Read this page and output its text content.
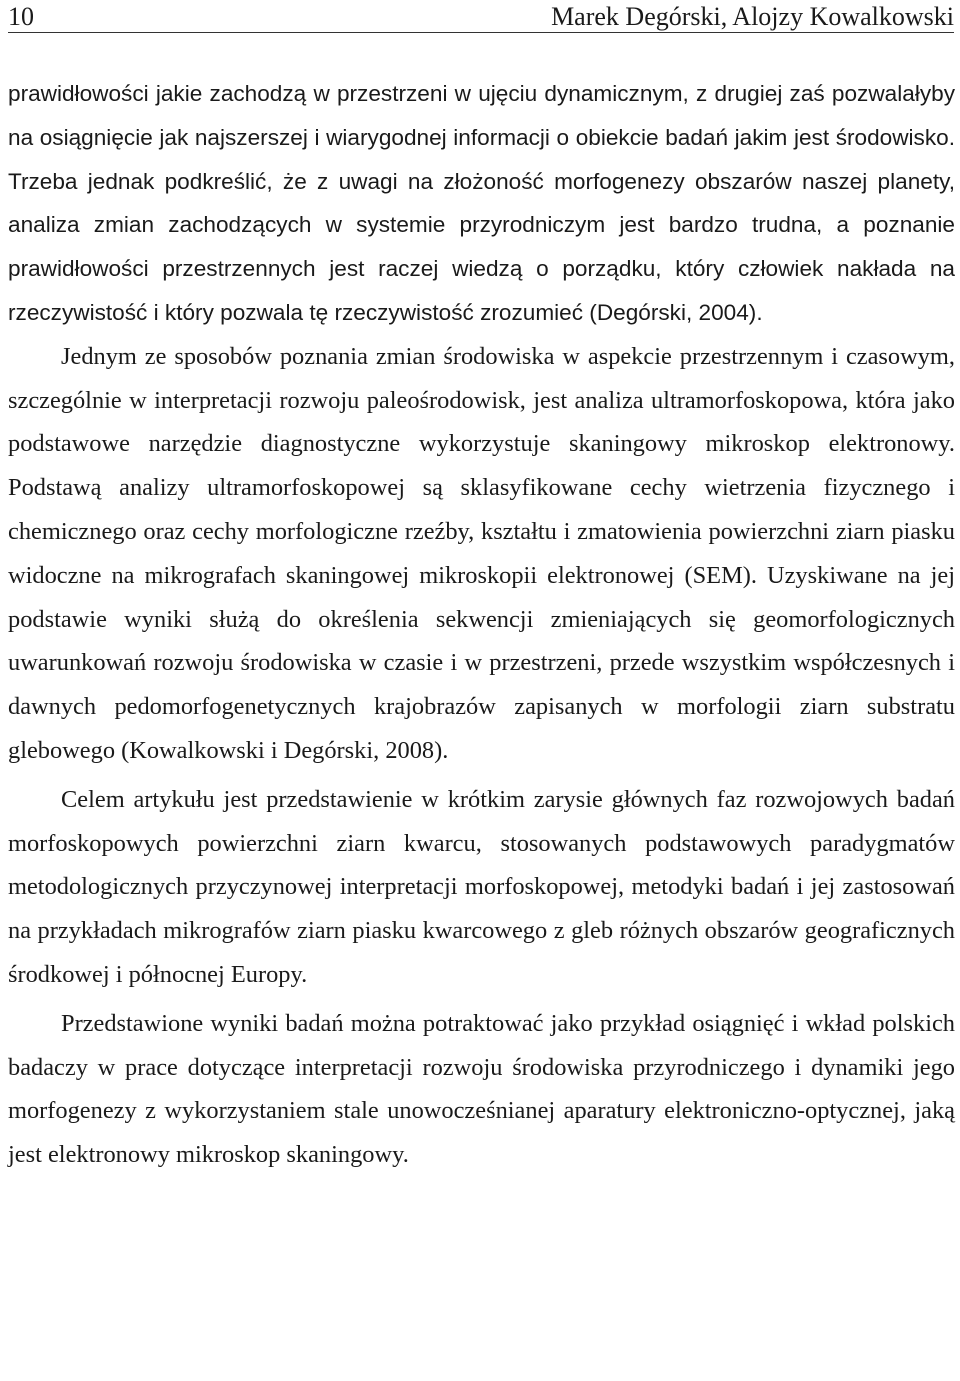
10	Marek Degórski, Alojzy Kowalkowski

prawidłowości jakie zachodzą w przestrzeni w ujęciu dynamicznym, z drugiej zaś pozwalałyby na osiągnięcie jak najszerszej i wiarygodnej informacji o obiekcie badań jakim jest środowisko. Trzeba jednak podkreślić, że z uwagi na złożoność morfogenezy obszarów naszej planety, analiza zmian zachodzących w systemie przyrodniczym jest bardzo trudna, a poznanie prawidłowości przestrzennych jest raczej wiedzą o porządku, który człowiek nakłada na rzeczywistość i który pozwala tę rzeczywistość zrozumieć (Degórski, 2004).

Jednym ze sposobów poznania zmian środowiska w aspekcie przestrzennym i czasowym, szczególnie w interpretacji rozwoju paleośrodowisk, jest analiza ultramorfoskopowa, która jako podstawowe narzędzie diagnostyczne wykorzystuje skaningowy mikroskop elektronowy. Podstawą analizy ultramorfoskopowej są sklasyfikowane cechy wietrzenia fizycznego i chemicznego oraz cechy morfologiczne rzeźby, kształtu i zmatowienia powierzchni ziarn piasku widoczne na mikrografach skaningowej mikroskopii elektronowej (SEM). Uzyskiwane na jej podstawie wyniki służą do określenia sekwencji zmieniających się geomorfologicznych uwarunkowań rozwoju środowiska w czasie i w przestrzeni, przede wszystkim współczesnych i dawnych pedomorfogenetycznych krajobrazów zapisanych w morfologii ziarn substratu glebowego (Kowalkowski i Degórski, 2008).

Celem artykułu jest przedstawienie w krótkim zarysie głównych faz rozwojowych badań morfoskopowych powierzchni ziarn kwarcu, stosowanych podstawowych paradygmatów metodologicznych przyczynowej interpretacji morfoskopowej, metodyki badań i jej zastosowań na przykładach mikrografów ziarn piasku kwarcowego z gleb różnych obszarów geograficznych środkowej i północnej Europy.

Przedstawione wyniki badań można potraktować jako przykład osiągnięć i wkład polskich badaczy w prace dotyczące interpretacji rozwoju środowiska przyrodniczego i dynamiki jego morfogenezy z wykorzystaniem stale unowocześnianej aparatury elektroniczno-optycznej, jaką jest elektronowy mikroskop skaningowy.
